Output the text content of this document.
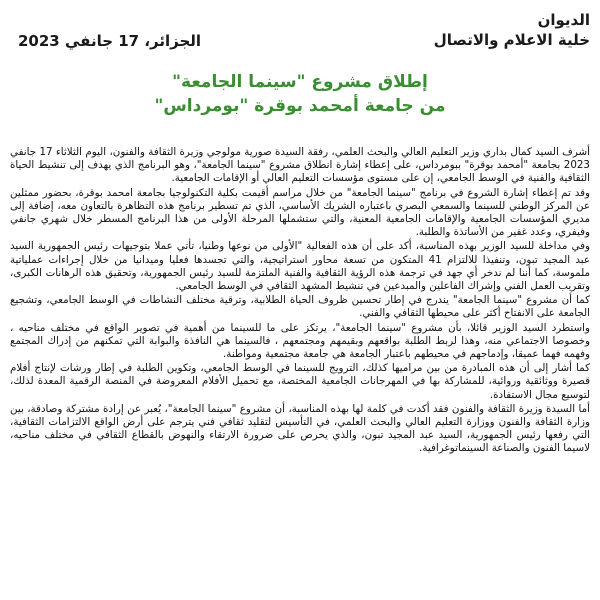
الديوان
خلية الاعلام والاتصال
الجزائر، 17 جانفي 2023
إطلاق مشروع "سينما الجامعة"
من جامعة أمحمد بوقرة "بومرداس"

أشرف السيد كمال بداري وزير التعليم العالي والبحث العلمي، رفقة السيدة صورية مولوجي وزيرة الثقافة والفنون، اليوم الثلاثاء 17 جانفي 2023 بجامعة "أمحمد بوقرة" ببومرداس، على إعطاء إشارة انطلاق مشروع "سينما الجامعة"، وهو البرنامج الذي يهدف إلى تنشيط الحياة الثقافية والفنية في الوسط الجامعي، إن على مستوى مؤسسات التعليم العالي أو الإقامات الجامعية.

وقد تم إعطاء إشارة الشروع في برنامج "سينما الجامعة" من خلال مراسم أقيمت بكلية التكنولوجيا بجامعة امحمد بوقرة، بحضور ممثلين عن المركز الوطني للسينما والسمعي البصري باعتباره الشريك الأساسي، الذي تم تسطير برنامج هذه التظاهرة بالتعاون معه، إضافة إلى مديري المؤسسات الجامعية والإقامات الجامعية المعنية، والتي ستشملها المرحلة الأولى من هذا البرنامج المسطر خلال شهري جانفي وفيفري، وعدد غفير من الأساتذة والطلبة.

وفي مداخلة للسيد الوزير بهذه المناسبة، أكد على أن هذه الفعالية "الأولى من نوعها وطنيا، تأتي عملا بتوجيهات رئيس الجمهورية السيد عبد المجيد تبون، وتنفيذا للالتزام 41 المتكون من تسعة محاور استراتيجية، والتي تجسدها فعليا وميدانيا من خلال إجراءات عملياتية ملموسة، كما أننا لم ندخر أي جهد في ترجمة هذه الرؤية الثقافية والفنية الملتزمة للسيد رئيس الجمهورية، وتحقيق هذه الرهانات الكبرى، وتقريب العمل الفني وإشراك الفاعلين والمبدعين في تنشيط المشهد الثقافي في الوسط الجامعي.

كما أن مشروع "سينما الجامعة" يندرج في إطار تحسين ظروف الحياة الطلابية، وترقية مختلف النشاطات في الوسط الجامعي، وتشجيع الجامعة على الانفتاح أكثر على محيطها الثقافي والفني.

واستطرد السيد الوزير قائلا، بأن مشروع "سينما الجامعة"، يرتكز على ما للسينما من أهمية في تصوير الواقع في مختلف مناحيه ، وخصوصا الاجتماعي منه، وهذا لربط الطلبة بواقعهم وبقيمهم ومجتمعهم ، فالسينما هي النافذة والبوابة التي تمكنهم من إدراك المجتمع وفهمه فهما عميقا، وإدماجهم في محيطهم باعتبار الجامعة هي جامعة مجتمعية ومواطنة.

كما أشار إلى أن هذه المبادرة من بين مراميها كذلك، الترويج للسينما في الوسط الجامعي، وتكوين الطلبة في إطار ورشات لإنتاج أفلام قصيرة ووثائقية وروائية، للمشاركة بها في المهرجانات الجامعية المختصة، مع تحميل الأفلام المعروضة في المنصة الرقمية المعدة لذلك، لتوسيع مجال الاستفادة.

أما السيدة وزيرة الثقافة والفنون فقد أكدت في كلمة لها بهذه المناسبة، أن مشروع "سينما الجامعة"، يُعبر عن إرادة مشتركة وصادقة، بين وزارة الثقافة والفنون ووزارة التعليم العالي والبحث العلمي، في التأسيس لتقليد ثقافي فني يترجم على أرض الواقع الالتزامات الثقافية، التي رفعها رئيس الجمهورية، السيد عبد المجيد تبون، والذي يحرص على ضرورة الارتقاء والنهوض بالقطاع الثقافي في مختلف مناحيه، لاسيما الفنون والصناعة السينماتوغرافية.
